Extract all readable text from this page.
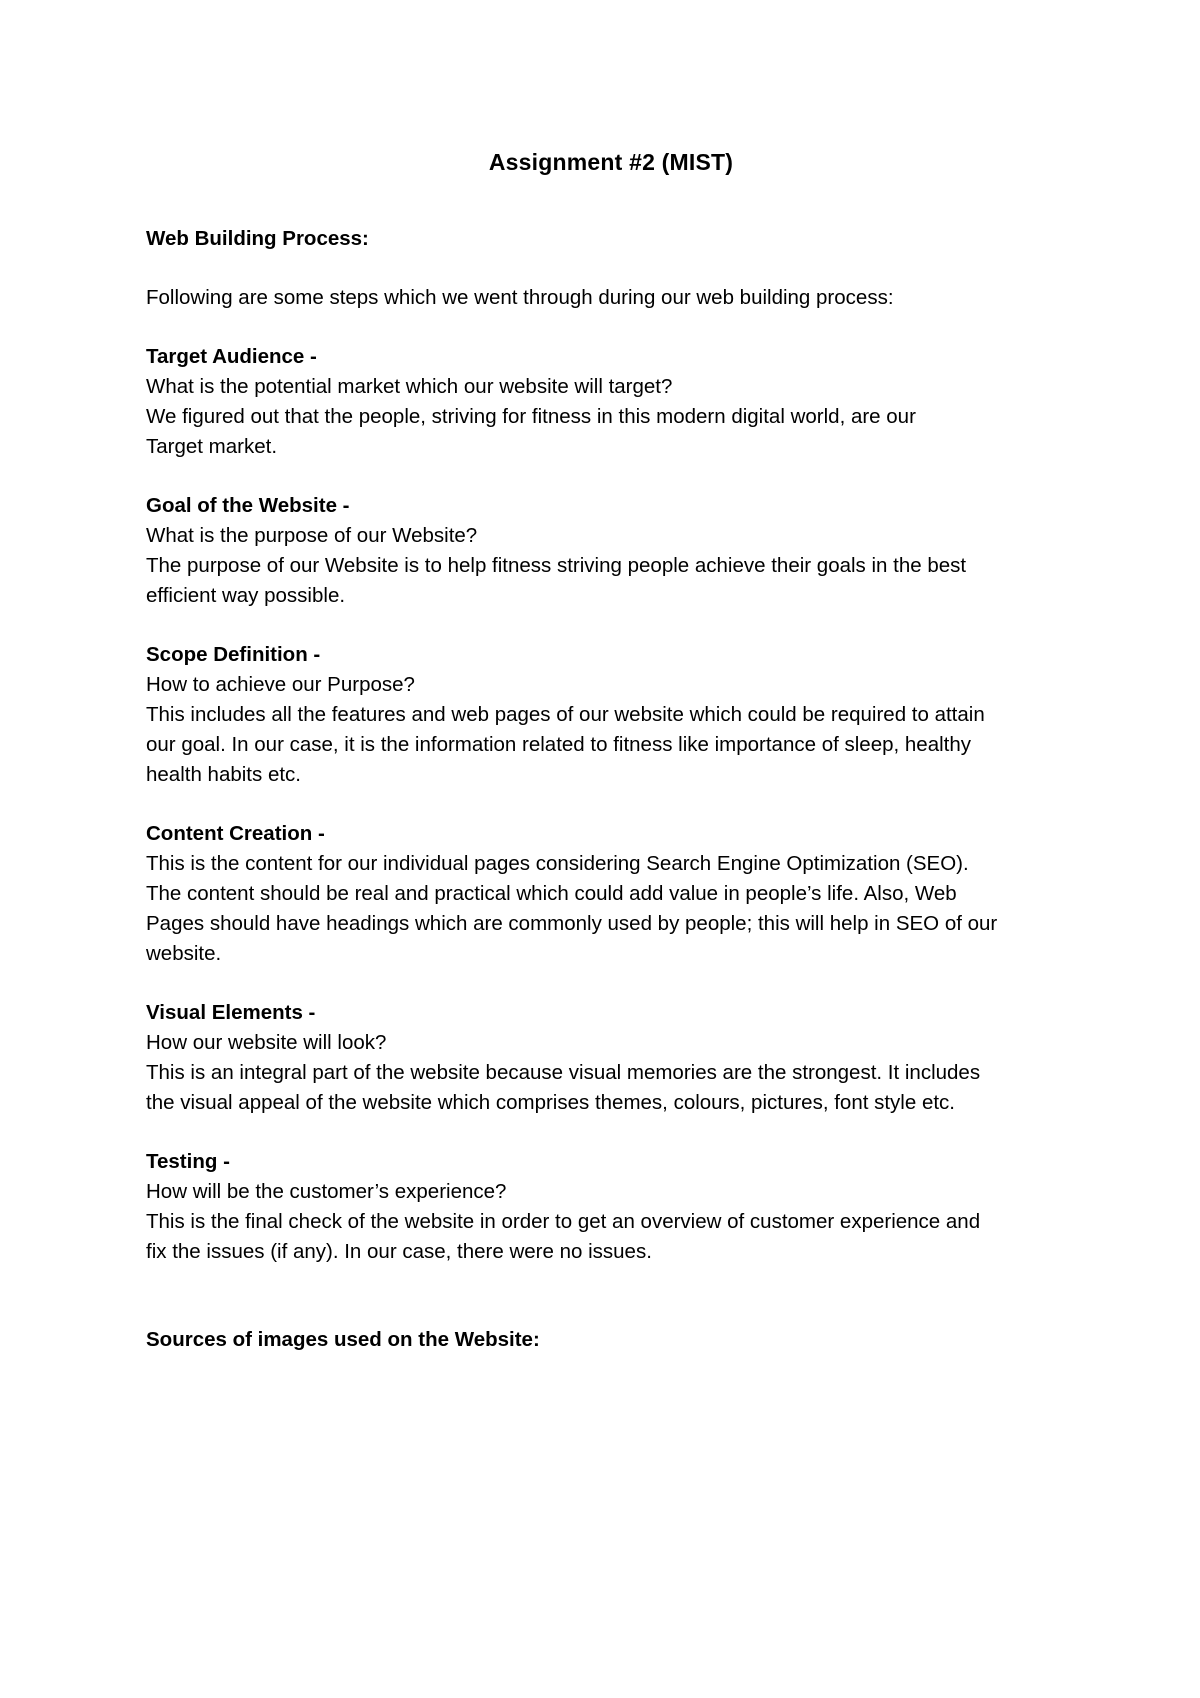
Assignment #2 (MIST)

Web Building Process:

Following are some steps which we went through during our web building process:

Target Audience -

What is the potential market which our website will target?

We figured out that the people, striving for fitness in this modern digital world, are our

Target market.

Goal of the Website -

What is the purpose of our Website?

The purpose of our Website is to help fitness striving people achieve their goals in the best

efficient way possible.

Scope Definition -

How to achieve our Purpose?

This includes all the features and web pages of our website which could be required to attain

our goal. In our case, it is the information related to fitness like importance of sleep, healthy

health habits etc.

Content Creation -

This is the content for our individual pages considering Search Engine Optimization (SEO).

The content should be real and practical which could add value in people’s life. Also, Web

Pages should have headings which are commonly used by people; this will help in SEO of our

website.

Visual Elements -

How our website will look?

This is an integral part of the website because visual memories are the strongest. It includes

the visual appeal of the website which comprises themes, colours, pictures, font style etc.

Testing -

How will be the customer’s experience?

This is the final check of the website in order to get an overview of customer experience and

fix the issues (if any). In our case, there were no issues.

Sources of images used on the Website:
